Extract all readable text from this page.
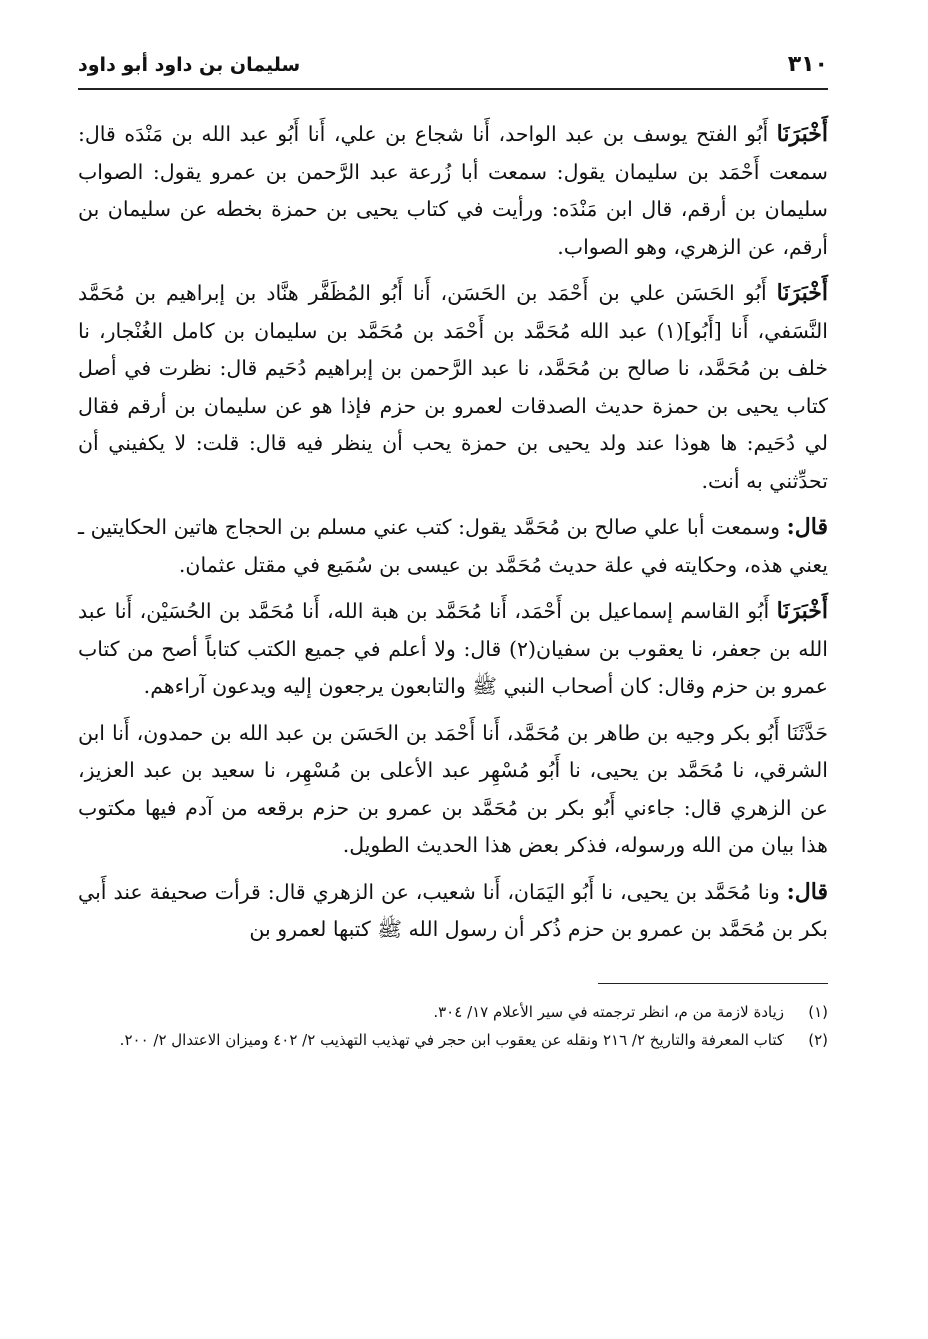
٣١٠
سليمان بن داود أبو داود

أَخْبَرَنَا أَبُو الفتح يوسف بن عبد الواحد، أَنا شجاع بن علي، أَنا أَبُو عبد الله بن مَنْدَه قال: سمعت أَحْمَد بن سليمان يقول: سمعت أبا زُرعة عبد الرَّحمن بن عمرو يقول: الصواب سليمان بن أرقم، قال ابن مَنْدَه: ورأيت في كتاب يحيى بن حمزة بخطه عن سليمان بن أرقم، عن الزهري، وهو الصواب.

أَخْبَرَنَا أَبُو الحَسَن علي بن أَحْمَد بن الحَسَن، أَنا أَبُو المُظَفَّر هنَّاد بن إبراهيم بن مُحَمَّد النَّسَفي، أَنا [أَبُو](١) عبد الله مُحَمَّد بن أَحْمَد بن مُحَمَّد بن سليمان بن كامل الغُنْجار، نا خلف بن مُحَمَّد، نا صالح بن مُحَمَّد، نا عبد الرَّحمن بن إبراهيم دُحَيم قال: نظرت في أصل كتاب يحيى بن حمزة حديث الصدقات لعمرو بن حزم فإذا هو عن سليمان بن أرقم فقال لي دُحَيم: ها هوذا عند ولد يحيى بن حمزة يحب أن ينظر فيه قال: قلت: لا يكفيني أن تحدِّثني به أنت.

قال: وسمعت أبا علي صالح بن مُحَمَّد يقول: كتب عني مسلم بن الحجاج هاتين الحكايتين ـ يعني هذه، وحكايته في علة حديث مُحَمَّد بن عيسى بن سُمَيع في مقتل عثمان.

أَخْبَرَنَا أَبُو القاسم إسماعيل بن أَحْمَد، أَنا مُحَمَّد بن هبة الله، أَنا مُحَمَّد بن الحُسَيْن، أَنا عبد الله بن جعفر، نا يعقوب بن سفيان(٢) قال: ولا أعلم في جميع الكتب كتاباً أصح من كتاب عمرو بن حزم وقال: كان أصحاب النبي ﷺ والتابعون يرجعون إليه ويدعون آراءهم.

حَدَّثَنَا أَبُو بكر وجيه بن طاهر بن مُحَمَّد، أَنا أَحْمَد بن الحَسَن بن عبد الله بن حمدون، أَنا ابن الشرقي، نا مُحَمَّد بن يحيى، نا أَبُو مُسْهِر عبد الأعلى بن مُسْهِر، نا سعيد بن عبد العزيز، عن الزهري قال: جاءني أَبُو بكر بن مُحَمَّد بن عمرو بن حزم برقعه من آدم فيها مكتوب هذا بيان من الله ورسوله، فذكر بعض هذا الحديث الطويل.

قال: ونا مُحَمَّد بن يحيى، نا أَبُو اليَمَان، أَنا شعيب، عن الزهري قال: قرأت صحيفة عند أَبي بكر بن مُحَمَّد بن عمرو بن حزم ذُكر أن رسول الله ﷺ كتبها لعمرو بن

(١)
زيادة لازمة من م، انظر ترجمته في سير الأعلام ١٧/ ٣٠٤.
(٢)
كتاب المعرفة والتاريخ ٢/ ٢١٦ ونقله عن يعقوب ابن حجر في تهذيب التهذيب ٢/ ٤٠٢ وميزان الاعتدال ٢/ ٢٠٠.
